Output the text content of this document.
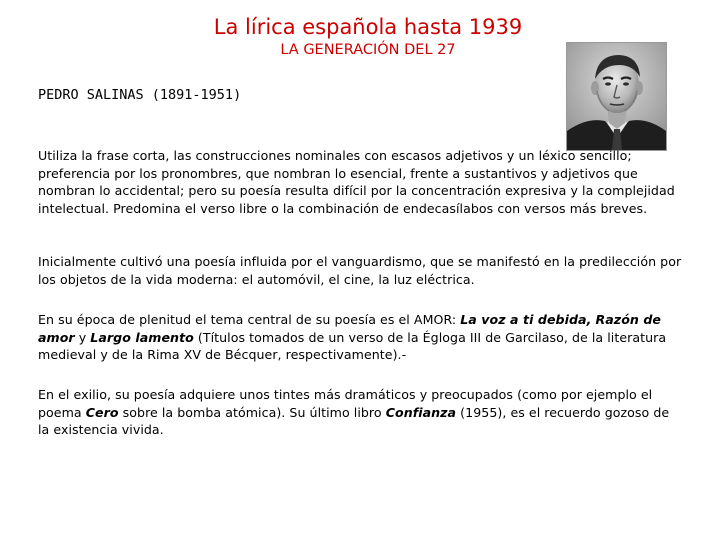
La lírica española hasta 1939
LA GENERACIÓN DEL 27
PEDRO SALINAS (1891-1951)

Utiliza la frase corta, las construcciones nominales con escasos adjetivos y un léxico sencillo; preferencia por los pronombres, que nombran lo esencial, frente a sustantivos y adjetivos que nombran lo accidental; pero su poesía resulta difícil por la concentración expresiva y la complejidad intelectual. Predomina el verso libre o la combinación de endecasílabos con versos más breves.

Inicialmente cultivó una poesía influida por el vanguardismo, que se manifestó en la predilección por los objetos de la vida moderna: el automóvil, el cine, la luz eléctrica.

En su época de plenitud el tema central de su poesía es el AMOR: La voz a ti debida, Razón de amor y Largo lamento (Títulos tomados de un verso de la Égloga III de Garcilaso, de la literatura medieval y de la Rima XV de Bécquer, respectivamente).-

En el exilio, su poesía adquiere unos tintes más dramáticos y preocupados (como por ejemplo el poema Cero sobre la bomba atómica). Su último libro Confianza (1955), es el recuerdo gozoso de la existencia vivida.
